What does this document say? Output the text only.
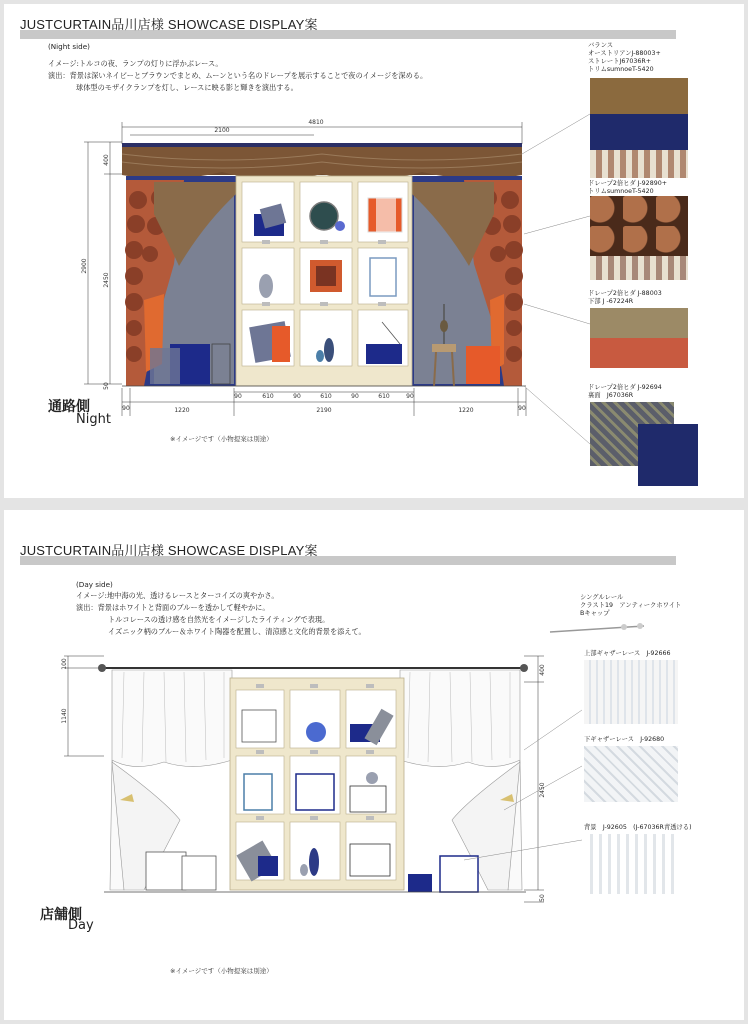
JUSTCURTAIN品川店様 SHOWCASE DISPLAY案
(Night side)
イメージ:トルコの夜、ランプの灯りに浮かぶレース。
演出：背景は深いネイビーとブラウンでまとめ、ムーンという名のドレープを展示することで夜のイメージを深める。
球体型のモザイクランプを灯し、レースに映る影と輝きを演出する。
4810
2100
2900
400
2450
50
90	1220
90	610	90	610	90	610	90
2190	1220	90
通路側
Night
※イメージです（小物提案は別途）
バランス
オーストリアンJ-88003+
ストレートJ67036R+
トリムsumnoeT-5420
ドレープ2倍ヒダ J-92890+
トリムsumnoeT-5420
ドレープ2倍ヒダ J-88003
下部 J -67224R
ドレープ2倍ヒダ J-92694
裏面　J67036R
JUSTCURTAIN品川店様 SHOWCASE DISPLAY案
(Day side)
イメージ:地中海の光、透けるレースとターコイズの爽やかさ。
演出：背景はホワイトと背面のブルーを透かして軽やかに。
トルコレースの透け感を自然光をイメージしたライティングで表現。
イズニック柄のブルー＆ホワイト陶器を配置し、清涼感と文化的背景を添えて。
100
1140
400
2450
50
店舗側
Day
※イメージです（小物提案は別途）
シングルレール
クラスト19　アンティークホワイト
Bキャップ
上部ギャザーレース　J-92666
下ギャザーレース　J-92680
背景　J-92605　(J-67036R青透ける)
